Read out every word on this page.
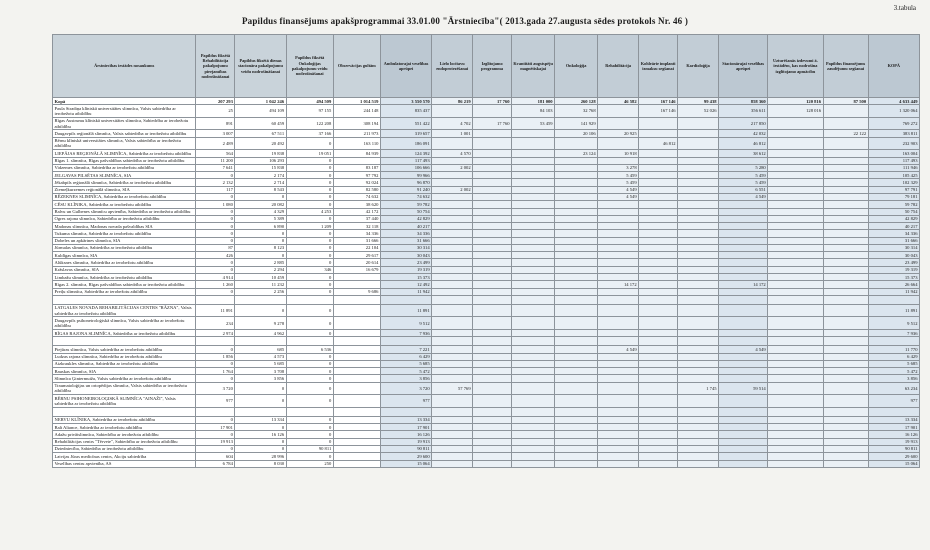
3.tabula
Papildus finansējums apakšprogrammai 33.01.00 "Ārstniecība"( 2013.gada 27.augusta sēdes protokols Nr. 46 )
Ārstniecības iestādes nosaukums	Papildus fiksētā Rehabilitācija pakalpojumu pieejamības nodrošināšanai	Papildus fiksētā dienas stacionāra pakalpojumu veidu nodrošināšanai	Papildus fiksētā Onkoloģijas pakalpojumu veidu nodrošināšanai	Observācijas gultām	Ambulatorajai veselības aprūpei	Lielo locītavu endoprotezēšanai	Izglītojamo programma	Kvantitāti augstspēju magnētiskajai	Onkoloģija	Rehabilitācija	Kohleārie implanti izmaksu segšanai	Kardioloģija	Stacionārajai veselības aprūpei	Uzturēšanās izdevumi ā. iestādēm, kas nodrošina izglītojamo apmācību	Papildus finansējums zaudējumu segšanai	KOPĀ
Kopā	207 293	1 042 246	494 509	1 014 519	3 550 570	86 219	17 760	181 000	260 128	46 582	167 146	99 438	858 360	120 816	87 500	4 633 449
Paula Stradiņa klīniskā universitātes slimnīca, Valsts sabiedrība ar ierobežotu atbildību	25	494 109	97 155	244 148	835 437			84 103	32 768		167 146	52 026	356 611	128 016		1 320 064
Rīgas Austrumu klīniskā universitātes slimnīca, Sabiedrība ar ierobežotu atbildību	891	60 459	122 208	308 194	551 422	4 702	17 760	53 459	141 929				217 850			769 272
Daugavpils reģionālā slimnīca, Valsts sabiedrība ar ierobežotu atbildību	3 007	67 511	37 166	211 973	319 657	1 001			20 106	20 925			42 032		22 122	383 811
Bērnu klīniskā universitātes slimnīca, Valsts sabiedrība ar ierobežotu atbildību	2 489	20 492	0	163 110	186 091						46 812		46 812			232 903
LIEPĀJAS REĢIONĀLĀ SLIMNĪCA, Sabiedrība ar ierobežotu atbildību	564	19 838	19 051	84 939	124 392	4 570			23 124	10 918			38 612			163 004
Rīgas 1. slimnīca, Rīgas pašvaldības sabiedrība ar ierobežotu atbildību	11 200	106 293	0		117 493											117 493
Vidzemes slimnīca, Sabiedrība ar ierobežotu atbildību	7 641	15 838	0	83 187	106 666	2 002				3 278			5 280			111 946
JELGAVAS PILSĒTAS SLIMNĪCA, SIA	0	2 174	0	97 792	99 966					5 459			5 459			105 425
Jēkabpils reģionālā slimnīca, Sabiedrība ar ierobežotu atbildību	2 132	2 714	0	92 024	96 870					5 459			5 459			102 329
Ziemeļkurzemes reģionālā slimnīca, SIA	117	8 543	0	82 580	91 240	2 002				4 549			6 551			97 791
RĒZEKNES SLIMNĪCA, Sabiedrība ar ierobežotu atbildību	0	0	0	74 632	74 632					4 549			4 549			79 181
CĒSU KLĪNIKA, Sabiedrība ar ierobežotu atbildību	1 080	20 082	0	38 620	59 782											59 782
Balvu un Gulbenes slimnīcu apvienība, Sabiedrība ar ierobežotu atbildību	0	4 329	4 253	42 172	50 754											50 754
Ogres rajona slimnīca, Sabiedrība ar ierobežotu atbildību	0	5 389	0	37 440	42 829											42 829
Madonas slimnīca, Madonas novada pašvaldības SIA	0	6 890	1 209	32 118	40 217											40 217
Tukuma slimnīca, Sabiedrība ar ierobežotu atbildību	0	0	0	34 336	34 336											34 336
Dobeles un apkārtnes slimnīca, SIA	0	0	0	31 666	31 666											31 666
Jūrmalas slimnīca, Sabiedrība ar ierobežotu atbildību	87	8 123	0	22 104	30 314											30 314
Kuldīgas slimnīca, SIA	426	0	0	29 617	30 043											30 043
Alūksnes slimnīca, Sabiedrība ar ierobežotu atbildību	0	2 885	0	20 614	23 499											23 499
Krāslavas slimnīca, SIA	0	2 294	346	16 679	19 319											19 319
Limbažu slimnīca, Sabiedrība ar ierobežotu atbildību	4 914	10 459	0		15 373											15 373
Rīgas 2. slimnīca, Rīgas pašvaldības sabiedrība ar ierobežotu atbildību	1 260	11 232	0		12 492					14 172			14 172			26 664
Preiļu slimnīca, Sabiedrība ar ierobežotu atbildību	0	2 256	0	9 686	11 942											11 942

LATGALES NOVADA REHABILITĀCIJAS CENTRS "RĀZNA", Valsts sabiedrība ar ierobežotu atbildību	11 891	0	0		11 891											11 891
Daugavpils psihoneiroloģiskā slimnīca, Valsts sabiedrība ar ierobežotu atbildību	234	9 278	0		9 512											9 512
RĪGAS RAJONA SLIMNĪCA, Sabiedrība ar ierobežotu atbildību	2 974	4 962	0		7 936											7 936

Piejūras slimnīca, Valsts sabiedrība ar ierobežotu atbildību	0	685	6 536		7 221					4 549			4 549			11 770
Ludzas rajona slimnīca, Sabiedrība ar ierobežotu atbildību	1 856	4 573	0		6 429											6 429
Aizkraukles slimnīca, Sabiedrība ar ierobežotu atbildību	0	5 685	0		5 685											5 685
Bauskas slimnīca, SIA	1 764	3 708	0		5 472											5 472
Slimnīca Ģintermuiža, Valsts sabiedrība ar ierobežotu atbildību	0	3 856	0		3 856											3 856
Traumatoloģijas un ortopēdijas slimnīca, Valsts sabiedrība ar ierobežotu atbildību	3 720	0	0		3 720	57 769						1 745	59 514			63 234
BĒRNU PSIHONEIROLOĢISKĀ SLIMNĪCA "AINAŽI", Valsts sabiedrība ar ierobežotu atbildību	977	0	0		977											977

NERVU KLĪNIKA, Sabiedrība ar ierobežotu atbildību	0	13 334	0		13 334											13 334
Balt Aliance, Sabiedrība ar ierobežotu atbildību	17 901	0	0		17 901											17 901
Adažu privātslimnīca, Sabiedrība ar ierobežotu atbildību	0	16 126	0		16 126											16 126
Rehabilitācijas centrs "Tērvete", Sabiedrība ar ierobežotu atbildību	19 913	0	0		19 913											19 913
Dziedniecība, Sabiedrība ar ierobežotu atbildību	0	0	90 811		90 811											90 811
Latvijas Jūras medicīnas centrs, Akciju sabiedrība	604	28 996	0		29 600											29 600
Veselības centru apvienība, AS	6 784	8 030	250		15 064											15 064
